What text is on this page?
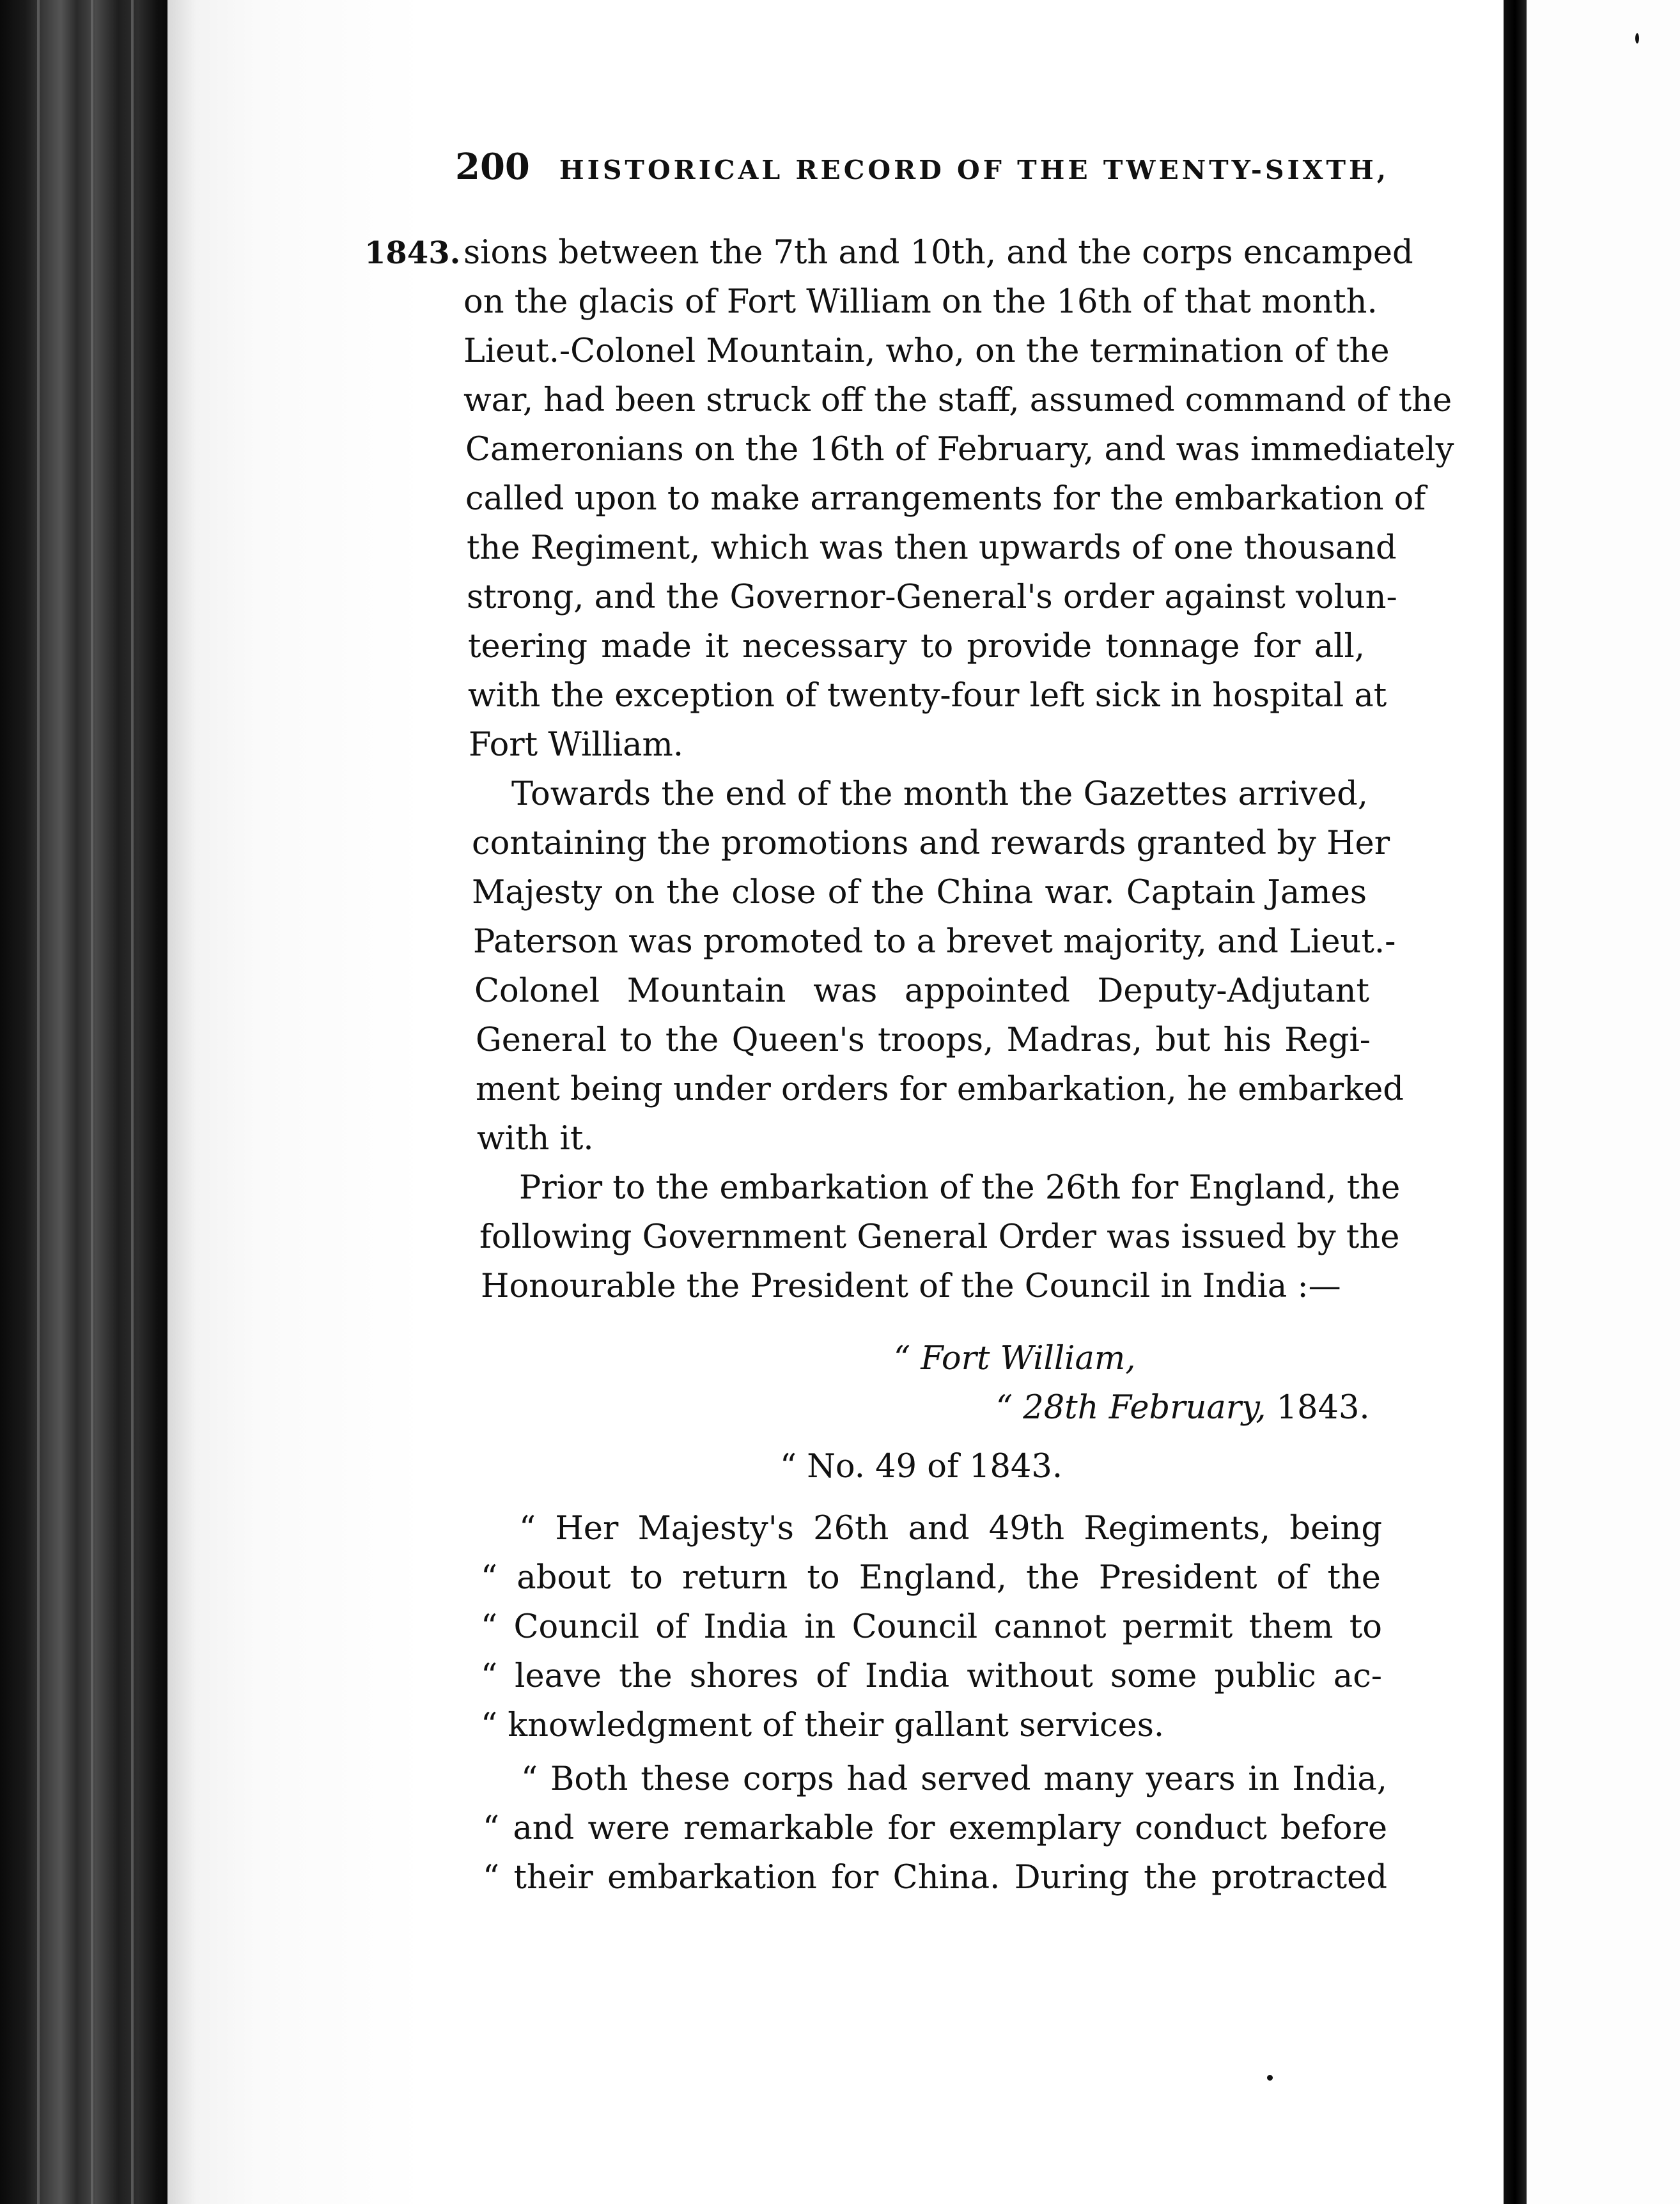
200 HISTORICAL RECORD OF THE TWENTY-SIXTH,
1843. sions between the 7th and 10th, and the corps encamped
on the glacis of Fort William on the 16th of that month.
Lieut.-Colonel Mountain, who, on the termination of the
war, had been struck off the staff, assumed command of the
Cameronians on the 16th of February, and was immediately
called upon to make arrangements for the embarkation of
the Regiment, which was then upwards of one thousand
strong, and the Governor-General's order against volun-
teering made it necessary to provide tonnage for all,
with the exception of twenty-four left sick in hospital at
Fort William.
Towards the end of the month the Gazettes arrived,
containing the promotions and rewards granted by Her
Majesty on the close of the China war. Captain James
Paterson was promoted to a brevet majority, and Lieut.-
Colonel Mountain was appointed Deputy-Adjutant
General to the Queen's troops, Madras, but his Regi-
ment being under orders for embarkation, he embarked
with it.
Prior to the embarkation of the 26th for England, the
following Government General Order was issued by the
Honourable the President of the Council in India :—
“ Fort William,
“ 28th February, 1843.
“ No. 49 of 1843.
“ Her Majesty's 26th and 49th Regiments, being
“ about to return to England, the President of the
“ Council of India in Council cannot permit them to
“ leave the shores of India without some public ac-
“ knowledgment of their gallant services.
“ Both these corps had served many years in India,
“ and were remarkable for exemplary conduct before
“ their embarkation for China. During the protracted
